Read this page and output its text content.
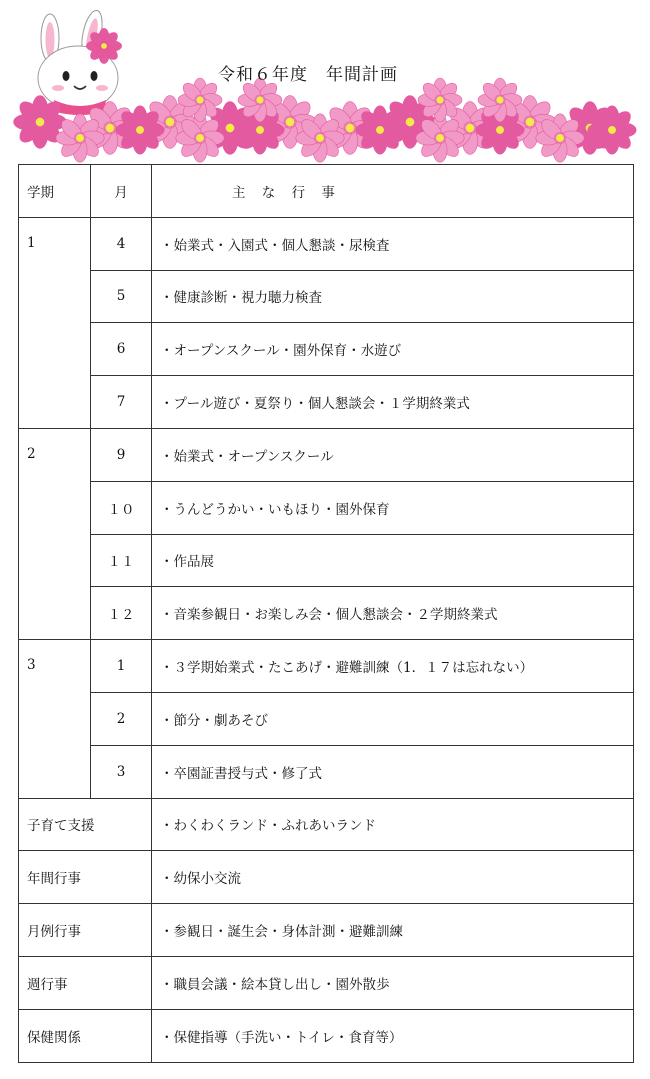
令和６年度　年間計画
学期	月	主 な 行 事
1	4	・始業式・入園式・個人懇談・尿検査
	5	・健康診断・視力聴力検査
	6	・オープンスクール・園外保育・水遊び
	7	・プール遊び・夏祭り・個人懇談会・１学期終業式
2	9	・始業式・オープンスクール
	１０	・うんどうかい・いもほり・園外保育
	１１	・作品展
	１２	・音楽参観日・お楽しみ会・個人懇談会・２学期終業式
3	1	・３学期始業式・たこあげ・避難訓練（1．１７は忘れない）
	2	・節分・劇あそび
	3	・卒園証書授与式・修了式
子育て支援		・わくわくランド・ふれあいランド
年間行事		・幼保小交流
月例行事		・参観日・誕生会・身体計測・避難訓練
週行事		・職員会議・絵本貸し出し・園外散歩
保健関係		・保健指導（手洗い・トイレ・食育等）
